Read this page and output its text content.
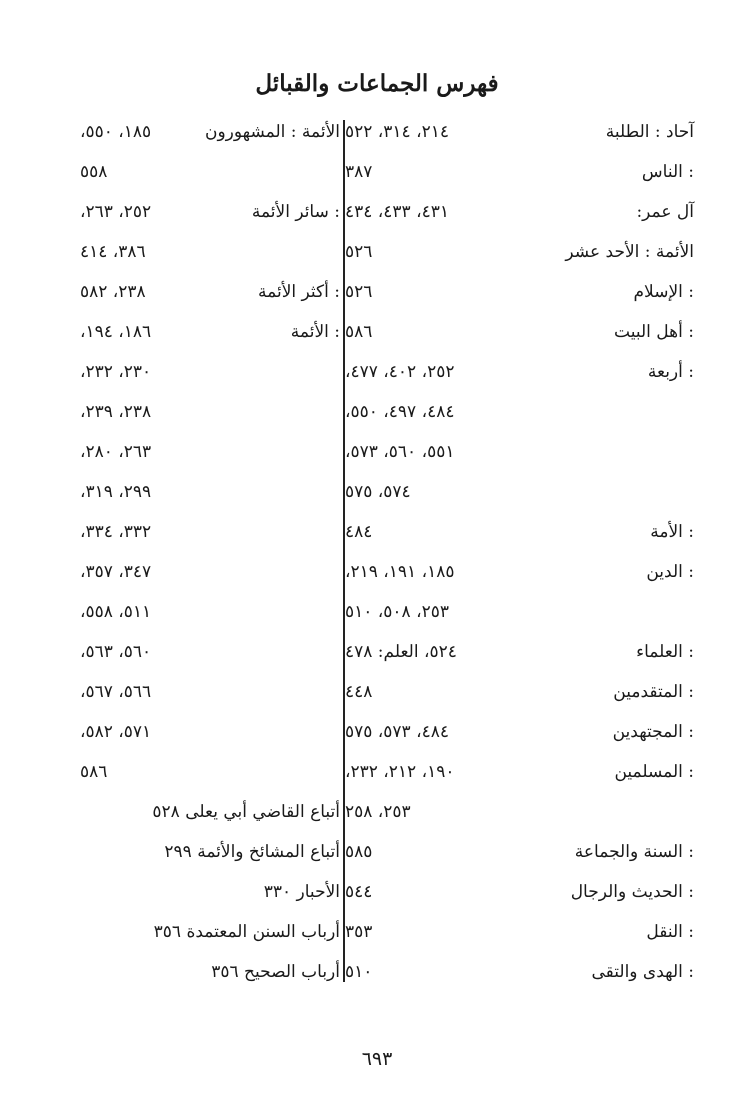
فهرس الجماعات والقبائل
آحاد : الطلبة
٢١٤، ٣١٤، ٥٢٢
: الناس
٣٨٧
آل عمر:
٤٣١، ٤٣٣، ٤٣٤
الأئمة : الأحد عشر
٥٢٦
: الإسلام
٥٢٦
: أهل البيت
٥٨٦
: أربعة
٢٥٢، ٤٠٢، ٤٧٧،
٤٨٤، ٤٩٧، ٥٥٠،
٥٥١، ٥٦٠، ٥٧٣،
٥٧٤، ٥٧٥
: الأمة
٤٨٤
: الدين
١٨٥، ١٩١، ٢١٩،
٢٥٣، ٥٠٨، ٥١٠
: العلماء
٥٢٤، العلم: ٤٧٨
: المتقدمين
٤٤٨
: المجتهدين
٤٨٤، ٥٧٣، ٥٧٥
: المسلمين
١٩٠، ٢١٢، ٢٣٢،
٢٥٣، ٢٥٨
: السنة والجماعة
٥٨٥
: الحديث والرجال
٥٤٤
: النقل
٣٥٣
: الهدى والتقى
٥١٠
الأئمة : المشهورون
١٨٥، ٥٥٠،
٥٥٨
: سائر الأئمة
٢٥٢، ٢٦٣،
٣٨٦، ٤١٤
: أكثر الأئمة
٢٣٨، ٥٨٢
: الأئمة
١٨٦، ١٩٤،
٢٣٠، ٢٣٢،
٢٣٨، ٢٣٩،
٢٦٣، ٢٨٠،
٢٩٩، ٣١٩،
٣٣٢، ٣٣٤،
٣٤٧، ٣٥٧،
٥١١، ٥٥٨،
٥٦٠، ٥٦٣،
٥٦٦، ٥٦٧،
٥٧١، ٥٨٢،
٥٨٦
أتباع القاضي أبي يعلى ٥٢٨
أتباع المشائخ والأئمة ٢٩٩
الأحبار ٣٣٠
أرباب السنن المعتمدة ٣٥٦
أرباب الصحيح ٣٥٦
٦٩٣
